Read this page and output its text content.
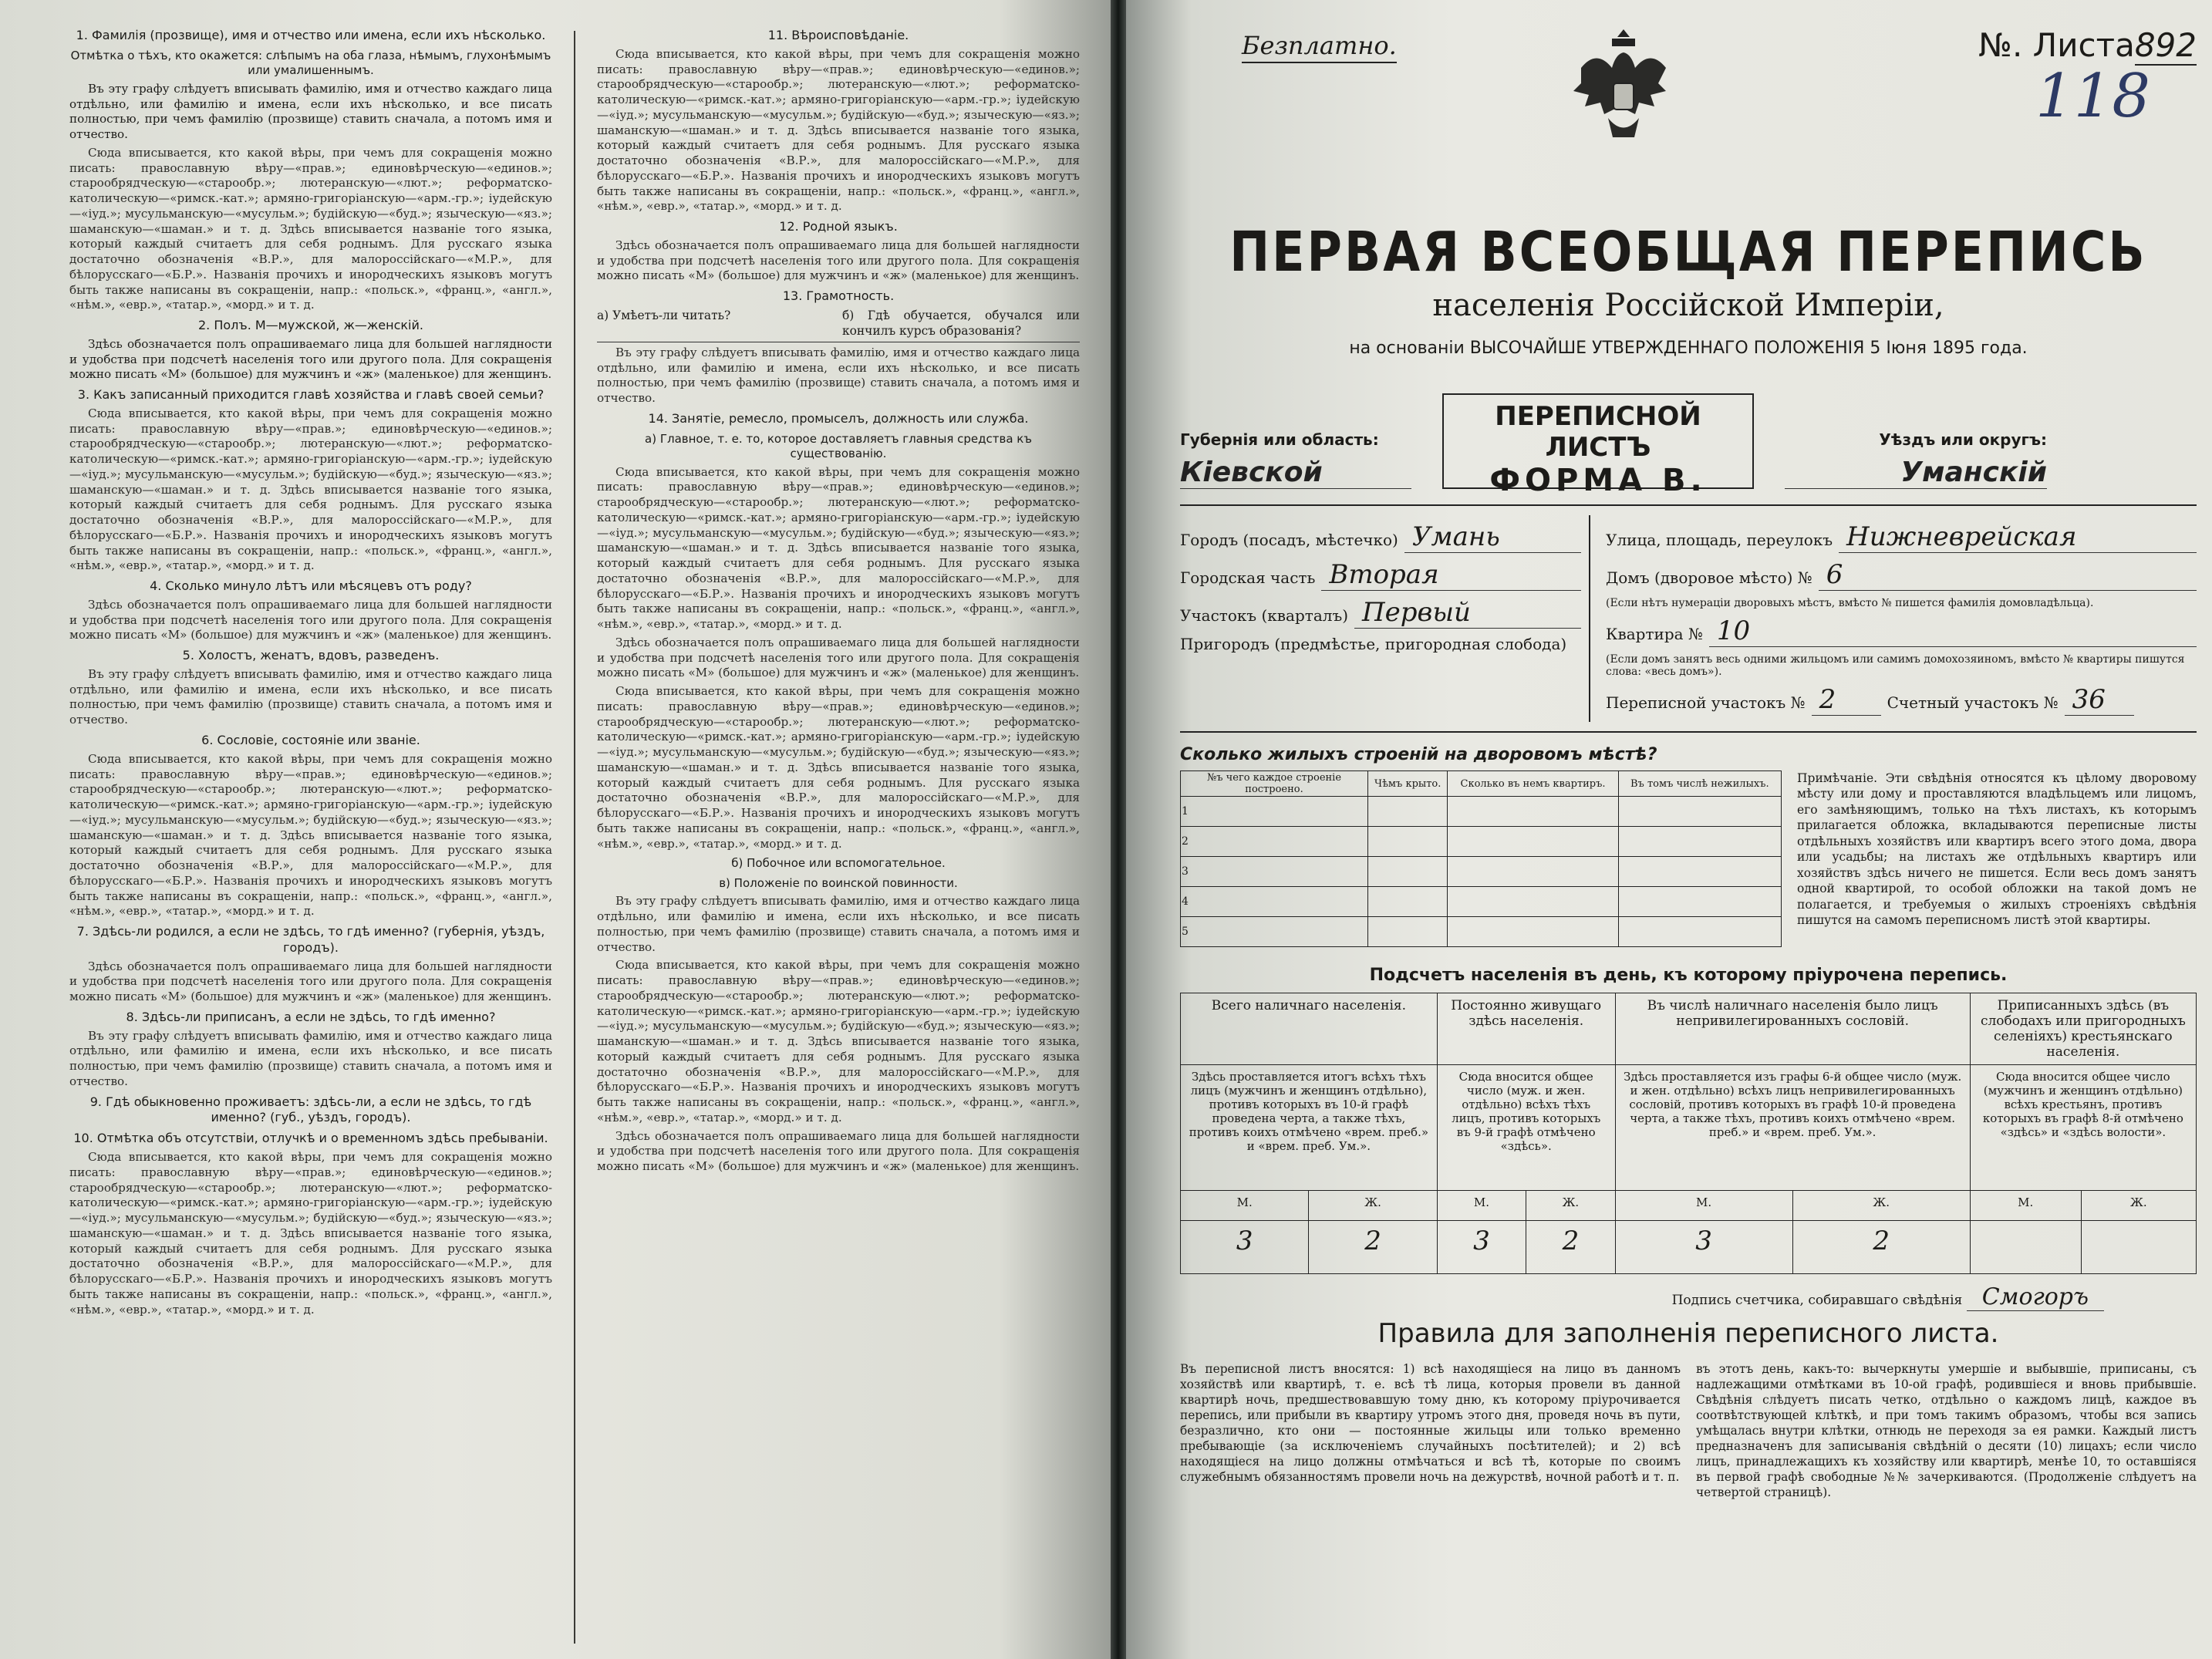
1. Фамилія (прозвище), имя и отчество или имена, если ихъ нѣсколько.
Отмѣтка о тѣхъ, кто окажется: слѣпымъ на оба глаза, нѣмымъ, глухонѣмымъ или умалишеннымъ.

Въ эту графу слѣдуетъ вписывать фамилію, имя и отчество каждаго лица отдѣльно, или фамилію и имена, если ихъ нѣсколько, и все писать полностью, при чемъ фамилію (прозвище) ставить сначала, а потомъ имя и отчество.

Сюда вписывается, кто какой вѣры, при чемъ для сокращенія можно писать: православную вѣру—«прав.»; единовѣрческую—«единов.»; старообрядческую—«старообр.»; лютеранскую—«лют.»; реформатско-католическую—«римск.-кат.»; армяно-григоріанскую—«арм.-гр.»; іудейскую—«іуд.»; мусульманскую—«мусульм.»; будійскую—«буд.»; языческую—«яз.»; шаманскую—«шаман.» и т. д. Здѣсь вписывается названіе того языка, который каждый считаетъ для себя роднымъ. Для русскаго языка достаточно обозначенія «В.Р.», для малороссійскаго—«М.Р.», для бѣлорусскаго—«Б.Р.». Названія прочихъ и инородческихъ языковъ могутъ быть также написаны въ сокращеніи, напр.: «польск.», «франц.», «англ.», «нѣм.», «евр.», «татар.», «морд.» и т. д.

2. Полъ. М—мужской, ж—женскій.

Здѣсь обозначается полъ опрашиваемаго лица для большей наглядности и удобства при подсчетѣ населенія того или другого пола. Для сокращенія можно писать «М» (большое) для мужчинъ и «ж» (маленькое) для женщинъ.

3. Какъ записанный приходится главѣ хозяйства и главѣ своей семьи?

Сюда вписывается, кто какой вѣры, при чемъ для сокращенія можно писать: православную вѣру—«прав.»; единовѣрческую—«единов.»; старообрядческую—«старообр.»; лютеранскую—«лют.»; реформатско-католическую—«римск.-кат.»; армяно-григоріанскую—«арм.-гр.»; іудейскую—«іуд.»; мусульманскую—«мусульм.»; будійскую—«буд.»; языческую—«яз.»; шаманскую—«шаман.» и т. д. Здѣсь вписывается названіе того языка, который каждый считаетъ для себя роднымъ. Для русскаго языка достаточно обозначенія «В.Р.», для малороссійскаго—«М.Р.», для бѣлорусскаго—«Б.Р.». Названія прочихъ и инородческихъ языковъ могутъ быть также написаны въ сокращеніи, напр.: «польск.», «франц.», «англ.», «нѣм.», «евр.», «татар.», «морд.» и т. д.

4. Сколько минуло лѣтъ или мѣсяцевъ отъ роду?

Здѣсь обозначается полъ опрашиваемаго лица для большей наглядности и удобства при подсчетѣ населенія того или другого пола. Для сокращенія можно писать «М» (большое) для мужчинъ и «ж» (маленькое) для женщинъ.

5. Холостъ, женатъ, вдовъ, разведенъ.

Въ эту графу слѣдуетъ вписывать фамилію, имя и отчество каждаго лица отдѣльно, или фамилію и имена, если ихъ нѣсколько, и все писать полностью, при чемъ фамилію (прозвище) ставить сначала, а потомъ имя и отчество.

6. Сословіе, состояніе или званіе.

Сюда вписывается, кто какой вѣры, при чемъ для сокращенія можно писать: православную вѣру—«прав.»; единовѣрческую—«единов.»; старообрядческую—«старообр.»; лютеранскую—«лют.»; реформатско-католическую—«римск.-кат.»; армяно-григоріанскую—«арм.-гр.»; іудейскую—«іуд.»; мусульманскую—«мусульм.»; будійскую—«буд.»; языческую—«яз.»; шаманскую—«шаман.» и т. д. Здѣсь вписывается названіе того языка, который каждый считаетъ для себя роднымъ. Для русскаго языка достаточно обозначенія «В.Р.», для малороссійскаго—«М.Р.», для бѣлорусскаго—«Б.Р.». Названія прочихъ и инородческихъ языковъ могутъ быть также написаны въ сокращеніи, напр.: «польск.», «франц.», «англ.», «нѣм.», «евр.», «татар.», «морд.» и т. д.

7. Здѣсь-ли родился, а если не здѣсь, то гдѣ именно? (губернія, уѣздъ, городъ).

Здѣсь обозначается полъ опрашиваемаго лица для большей наглядности и удобства при подсчетѣ населенія того или другого пола. Для сокращенія можно писать «М» (большое) для мужчинъ и «ж» (маленькое) для женщинъ.

8. Здѣсь-ли приписанъ, а если не здѣсь, то гдѣ именно?

Въ эту графу слѣдуетъ вписывать фамилію, имя и отчество каждаго лица отдѣльно, или фамилію и имена, если ихъ нѣсколько, и все писать полностью, при чемъ фамилію (прозвище) ставить сначала, а потомъ имя и отчество.

9. Гдѣ обыкновенно проживаетъ: здѣсь-ли, а если не здѣсь, то гдѣ именно? (губ., уѣздъ, городъ).
10. Отмѣтка объ отсутствіи, отлучкѣ и о временномъ здѣсь пребываніи.

Сюда вписывается, кто какой вѣры, при чемъ для сокращенія можно писать: православную вѣру—«прав.»; единовѣрческую—«единов.»; старообрядческую—«старообр.»; лютеранскую—«лют.»; реформатско-католическую—«римск.-кат.»; армяно-григоріанскую—«арм.-гр.»; іудейскую—«іуд.»; мусульманскую—«мусульм.»; будійскую—«буд.»; языческую—«яз.»; шаманскую—«шаман.» и т. д. Здѣсь вписывается названіе того языка, который каждый считаетъ для себя роднымъ. Для русскаго языка достаточно обозначенія «В.Р.», для малороссійскаго—«М.Р.», для бѣлорусскаго—«Б.Р.». Названія прочихъ и инородческихъ языковъ могутъ быть также написаны въ сокращеніи, напр.: «польск.», «франц.», «англ.», «нѣм.», «евр.», «татар.», «морд.» и т. д.

11. Вѣроисповѣданіе.

Сюда вписывается, кто какой вѣры, при чемъ для сокращенія можно писать: православную вѣру—«прав.»; единовѣрческую—«единов.»; старообрядческую—«старообр.»; лютеранскую—«лют.»; реформатско-католическую—«римск.-кат.»; армяно-григоріанскую—«арм.-гр.»; іудейскую—«іуд.»; мусульманскую—«мусульм.»; будійскую—«буд.»; языческую—«яз.»; шаманскую—«шаман.» и т. д. Здѣсь вписывается названіе того языка, который каждый считаетъ для себя роднымъ. Для русскаго языка достаточно обозначенія «В.Р.», для малороссійскаго—«М.Р.», для бѣлорусскаго—«Б.Р.». Названія прочихъ и инородческихъ языковъ могутъ быть также написаны въ сокращеніи, напр.: «польск.», «франц.», «англ.», «нѣм.», «евр.», «татар.», «морд.» и т. д.

12. Родной языкъ.

Здѣсь обозначается полъ опрашиваемаго лица для большей наглядности и удобства при подсчетѣ населенія того или другого пола. Для сокращенія можно писать «М» (большое) для мужчинъ и «ж» (маленькое) для женщинъ.

13. Грамотность.
а) Умѣетъ-ли читать?	б) Гдѣ обучается, обучался или кончилъ курсъ образованія?

Въ эту графу слѣдуетъ вписывать фамилію, имя и отчество каждаго лица отдѣльно, или фамилію и имена, если ихъ нѣсколько, и все писать полностью, при чемъ фамилію (прозвище) ставить сначала, а потомъ имя и отчество.

14. Занятіе, ремесло, промыселъ, должность или служба.
а) Главное, т. е. то, которое доставляетъ главныя средства къ существованію.

Сюда вписывается, кто какой вѣры, при чемъ для сокращенія можно писать: православную вѣру—«прав.»; единовѣрческую—«единов.»; старообрядческую—«старообр.»; лютеранскую—«лют.»; реформатско-католическую—«римск.-кат.»; армяно-григоріанскую—«арм.-гр.»; іудейскую—«іуд.»; мусульманскую—«мусульм.»; будійскую—«буд.»; языческую—«яз.»; шаманскую—«шаман.» и т. д. Здѣсь вписывается названіе того языка, который каждый считаетъ для себя роднымъ. Для русскаго языка достаточно обозначенія «В.Р.», для малороссійскаго—«М.Р.», для бѣлорусскаго—«Б.Р.». Названія прочихъ и инородческихъ языковъ могутъ быть также написаны въ сокращеніи, напр.: «польск.», «франц.», «англ.», «нѣм.», «евр.», «татар.», «морд.» и т. д.

Здѣсь обозначается полъ опрашиваемаго лица для большей наглядности и удобства при подсчетѣ населенія того или другого пола. Для сокращенія можно писать «М» (большое) для мужчинъ и «ж» (маленькое) для женщинъ.

Сюда вписывается, кто какой вѣры, при чемъ для сокращенія можно писать: православную вѣру—«прав.»; единовѣрческую—«единов.»; старообрядческую—«старообр.»; лютеранскую—«лют.»; реформатско-католическую—«римск.-кат.»; армяно-григоріанскую—«арм.-гр.»; іудейскую—«іуд.»; мусульманскую—«мусульм.»; будійскую—«буд.»; языческую—«яз.»; шаманскую—«шаман.» и т. д. Здѣсь вписывается названіе того языка, который каждый считаетъ для себя роднымъ. Для русскаго языка достаточно обозначенія «В.Р.», для малороссійскаго—«М.Р.», для бѣлорусскаго—«Б.Р.». Названія прочихъ и инородческихъ языковъ могутъ быть также написаны въ сокращеніи, напр.: «польск.», «франц.», «англ.», «нѣм.», «евр.», «татар.», «морд.» и т. д.

б) Побочное или вспомогательное.
в) Положеніе по воинской повинности.

Въ эту графу слѣдуетъ вписывать фамилію, имя и отчество каждаго лица отдѣльно, или фамилію и имена, если ихъ нѣсколько, и все писать полностью, при чемъ фамилію (прозвище) ставить сначала, а потомъ имя и отчество.

Сюда вписывается, кто какой вѣры, при чемъ для сокращенія можно писать: православную вѣру—«прав.»; единовѣрческую—«единов.»; старообрядческую—«старообр.»; лютеранскую—«лют.»; реформатско-католическую—«римск.-кат.»; армяно-григоріанскую—«арм.-гр.»; іудейскую—«іуд.»; мусульманскую—«мусульм.»; будійскую—«буд.»; языческую—«яз.»; шаманскую—«шаман.» и т. д. Здѣсь вписывается названіе того языка, который каждый считаетъ для себя роднымъ. Для русскаго языка достаточно обозначенія «В.Р.», для малороссійскаго—«М.Р.», для бѣлорусскаго—«Б.Р.». Названія прочихъ и инородческихъ языковъ могутъ быть также написаны въ сокращеніи, напр.: «польск.», «франц.», «англ.», «нѣм.», «евр.», «татар.», «морд.» и т. д.

Здѣсь обозначается полъ опрашиваемаго лица для большей наглядности и удобства при подсчетѣ населенія того или другого пола. Для сокращенія можно писать «М» (большое) для мужчинъ и «ж» (маленькое) для женщинъ.

Безплатно.	№. Листа892
118
ПЕРВАЯ ВСЕОБЩАЯ ПЕРЕПИСЬ
населенія Россійской Имперіи,
на основаніи ВЫСОЧАЙШЕ УТВЕРЖДЕННАГО ПОЛОЖЕНІЯ 5 Іюня 1895 года.
Губернія или область:
Кіевской
ПЕРЕПИСНОЙ ЛИСТЪ
ФОРМА В.
Уѣздъ или округъ:
Уманскій
Городъ (посадъ, мѣстечко) Умань
Городская часть Вторая
Участокъ (кварталъ) Первый
Пригородъ (предмѣстье, пригородная слобода)
Улица, площадь, переулокъ Нижневрейская
Домъ (дворовое мѣсто) № 6
(Если нѣтъ нумераціи дворовыхъ мѣстъ, вмѣсто № пишется фамилія домовладѣльца).
Квартира № 10
(Если домъ занятъ весь одними жильцомъ или самимъ домохозяиномъ, вмѣсто № квартиры пишутся слова: «весь домъ»).
Переписной участокъ № 2	Счетный участокъ № 36
Сколько жилыхъ строеній на дворовомъ мѣстѣ?
№ъ чего каждое строеніе построено.	Чѣмъ крыто.	Сколько въ немъ квартиръ.	Въ томъ числѣ нежилыхъ.
1			
2			
3			
4			
5			
Примѣчаніе. Эти свѣдѣнія относятся къ цѣлому дворовому мѣсту или дому и проставляются владѣльцемъ или лицомъ, его замѣняющимъ, только на тѣхъ листахъ, къ которымъ прилагается обложка, вкладываются переписные листы отдѣльныхъ хозяйствъ или квартиръ всего этого дома, двора или усадьбы; на листахъ же отдѣльныхъ квартиръ или хозяйствъ здѣсь ничего не пишется. Если весь домъ занятъ одной квартирой, то особой обложки на такой домъ не полагается, и требуемыя о жилыхъ строеніяхъ свѣдѣнія пишутся на самомъ переписномъ листѣ этой квартиры.
Подсчетъ населенія въ день, къ которому пріурочена перепись.
Всего наличнаго населенія.		Постоянно живущаго здѣсь населенія.		Въ числѣ наличнаго населенія было лицъ непривилегированныхъ сословій.		Приписанныхъ здѣсь (въ слободахъ или пригородныхъ селеніяхъ) крестьянскаго населенія.	
Здѣсь проставляется итогъ всѣхъ тѣхъ лицъ (мужчинъ и женщинъ отдѣльно), противъ которыхъ въ 10-й графѣ проведена черта, а также тѣхъ, противъ коихъ отмѣчено «врем. преб.» и «врем. преб. Ум.».		Сюда вносится общее число (муж. и жен. отдѣльно) всѣхъ тѣхъ лицъ, противъ которыхъ въ 9-й графѣ отмѣчено «здѣсь».		Здѣсь проставляется изъ графы 6-й общее число (муж. и жен. отдѣльно) всѣхъ лицъ непривилегированныхъ сословій, противъ которыхъ въ графѣ 10-й проведена черта, а также тѣхъ, противъ коихъ отмѣчено «врем. преб.» и «врем. преб. Ум.».		Сюда вносится общее число (мужчинъ и женщинъ отдѣльно) всѣхъ крестьянъ, противъ которыхъ въ графѣ 8-й отмѣчено «здѣсь» и «здѣсь волости».	
М.	Ж.	М.	Ж.	М.	Ж.	М.	Ж.
3	2	3	2	3	2		
Подпись счетчика, собиравшаго свѣдѣнія Смогоръ
Правила для заполненія переписного листа.
Въ переписной листъ вносятся: 1) всѣ находящіеся на лицо въ данномъ хозяйствѣ или квартирѣ, т. е. всѣ тѣ лица, которыя провели въ данной квартирѣ ночь, предшествовавшую тому дню, къ которому пріурочивается перепись, или прибыли въ квартиру утромъ этого дня, проведя ночь въ пути, безразлично, кто они — постоянные жильцы или только временно пребывающіе (за исключеніемъ случайныхъ посѣтителей); и 2) всѣ находящіеся на лицо должны отмѣчаться и всѣ тѣ, которые по своимъ служебнымъ обязанностямъ провели ночь на дежурствѣ, ночной работѣ и т. п.
въ этотъ день, какъ-то: вычеркнуты умершіе и выбывшіе, приписаны, съ надлежащими отмѣтками въ 10-ой графѣ, родившіеся и вновь прибывшіе. Свѣдѣнія слѣдуетъ писать четко, отдѣльно о каждомъ лицѣ, каждое въ соотвѣтствующей клѣткѣ, и при томъ такимъ образомъ, чтобы вся запись умѣщалась внутри клѣтки, отнюдь не переходя за ея рамки. Каждый листъ предназначенъ для записыванія свѣдѣній о десяти (10) лицахъ; если число лицъ, принадлежащихъ къ хозяйству или квартирѣ, менѣе 10, то оставшіяся въ первой графѣ свободные №№ зачеркиваются. (Продолженіе слѣдуетъ на четвертой страницѣ).
